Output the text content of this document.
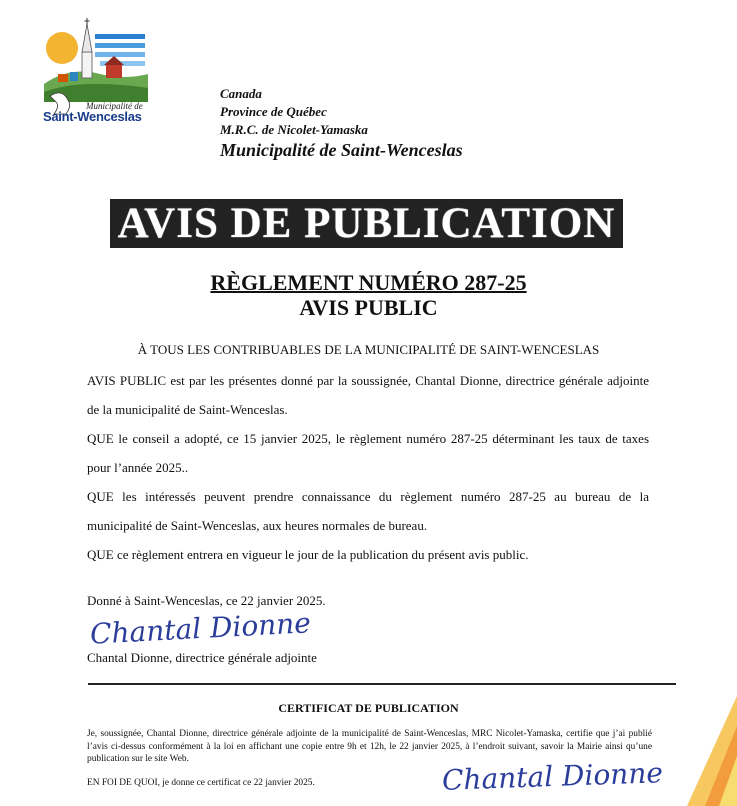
Municipalité de
Saint-Wenceslas
Canada
Province de Québec
M.R.C. de Nicolet-Yamaska
Municipalité de Saint-Wenceslas
AVIS DE PUBLICATION
RÈGLEMENT NUMÉRO 287-25
AVIS PUBLIC
À TOUS LES CONTRIBUABLES DE LA MUNICIPALITÉ DE SAINT-WENCESLAS
AVIS PUBLIC est par les présentes donné par la soussignée, Chantal Dionne, directrice générale adjointe de la municipalité de Saint-Wenceslas.
QUE le conseil a adopté, ce 15 janvier 2025, le règlement numéro 287-25 déterminant les taux de taxes pour l’année 2025..
QUE les intéressés peuvent prendre connaissance du règlement numéro 287-25 au bureau de la municipalité de Saint-Wenceslas, aux heures normales de bureau.
QUE ce règlement entrera en vigueur le jour de la publication du présent avis public.
Donné à Saint-Wenceslas, ce 22 janvier 2025.
Chantal Dionne
Chantal Dionne, directrice générale adjointe
CERTIFICAT DE PUBLICATION
Je, soussignée, Chantal Dionne, directrice générale adjointe de la municipalité de Saint-Wenceslas, MRC Nicolet-Yamaska, certifie que j’ai publié l’avis ci-dessus conformément à la loi en affichant une copie entre 9h et 12h, le 22 janvier 2025, à l’endroit suivant, savoir la Mairie ainsi qu’une publication sur le site Web.
EN FOI DE QUOI, je donne ce certificat ce 22 janvier 2025.	Chantal Dionne
